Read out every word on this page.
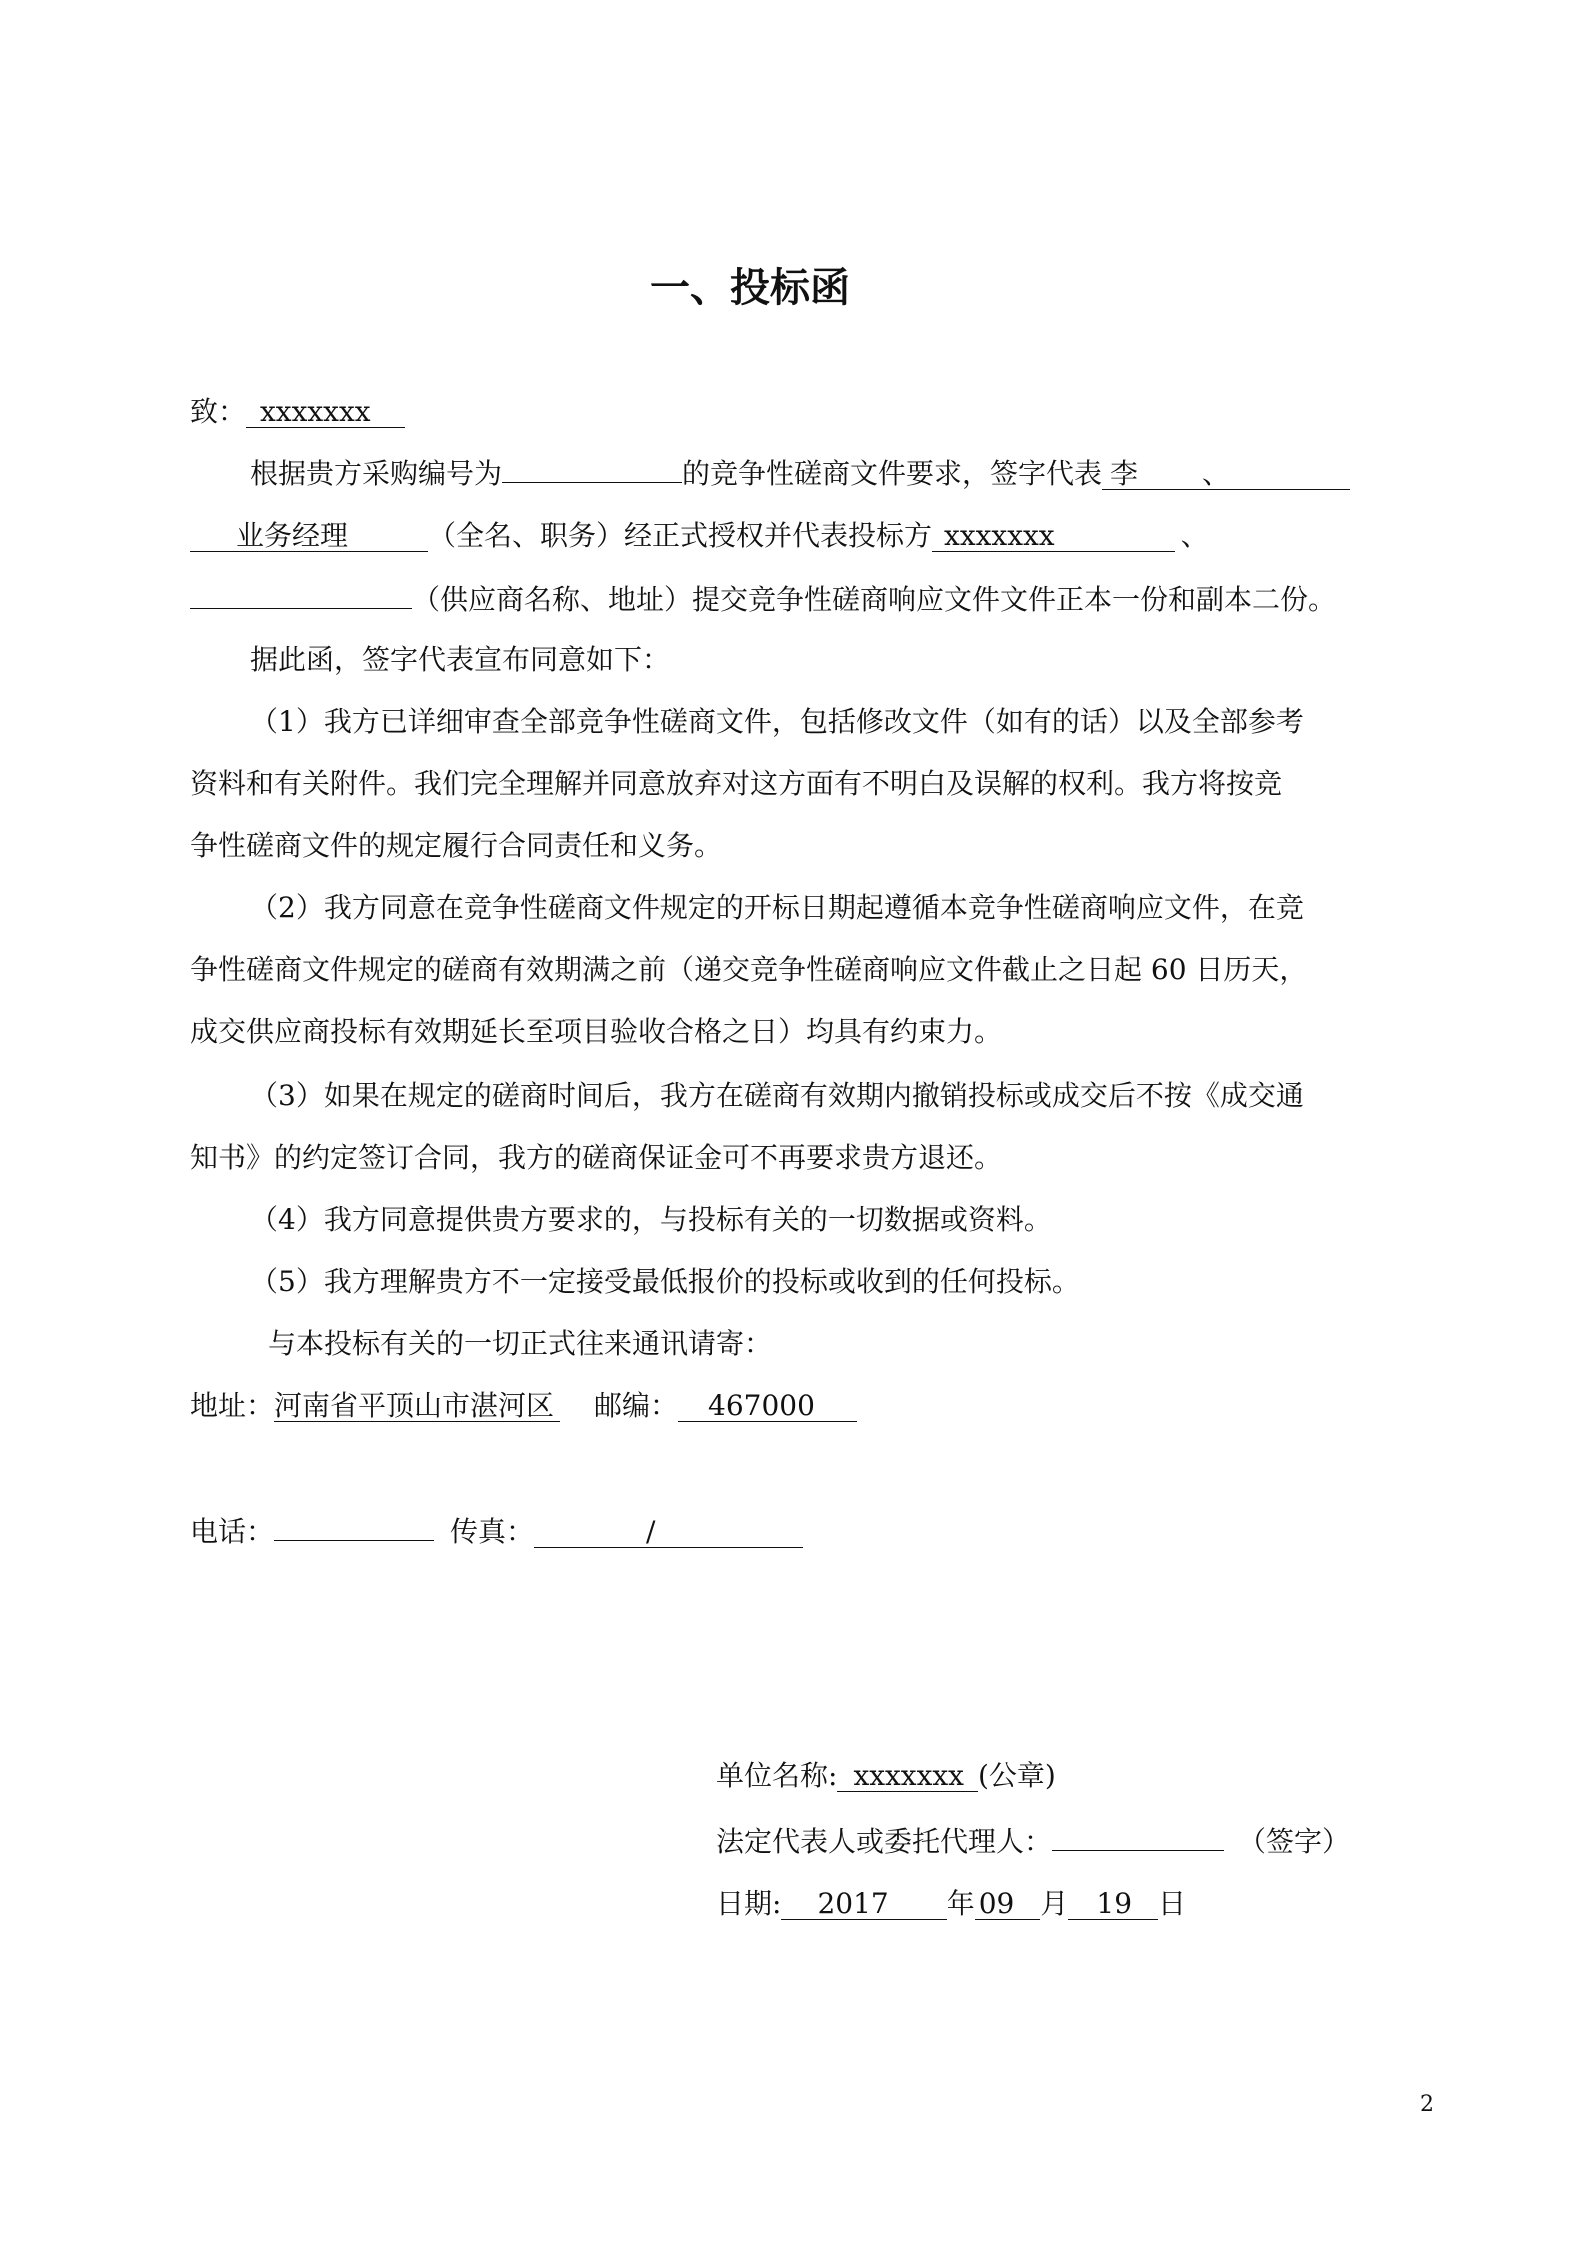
一、投标函
致： xxxxxxx
根据贵方采购编号为	的竞争性磋商文件要求，签字代表 李 、
业务经理	（全名、职务）经正式授权并代表投标方 xxxxxxx	、
（供应商名称、地址）提交竞争性磋商响应文件文件正本一份和副本二份。
据此函，签字代表宣布同意如下：
（1）我方已详细审查全部竞争性磋商文件，包括修改文件（如有的话）以及全部参考
资料和有关附件。我们完全理解并同意放弃对这方面有不明白及误解的权利。我方将按竞
争性磋商文件的规定履行合同责任和义务。
（2）我方同意在竞争性磋商文件规定的开标日期起遵循本竞争性磋商响应文件，在竞
争性磋商文件规定的磋商有效期满之前（递交竞争性磋商响应文件截止之日起 60 日历天，
成交供应商投标有效期延长至项目验收合格之日）均具有约束力。
（3）如果在规定的磋商时间后，我方在磋商有效期内撤销投标或成交后不按《成交通
知书》的约定签订合同，我方的磋商保证金可不再要求贵方退还。
（4）我方同意提供贵方要求的，与投标有关的一切数据或资料。
（5）我方理解贵方不一定接受最低报价的投标或收到的任何投标。
与本投标有关的一切正式往来通讯请寄：
地址：河南省平顶山市湛河区 邮编： 467000
电话：	传真：	/
单位名称: xxxxxxx (公章)
法定代表人或委托代理人：	（签字）
日期: 2017 年 09 月 19 日
2
